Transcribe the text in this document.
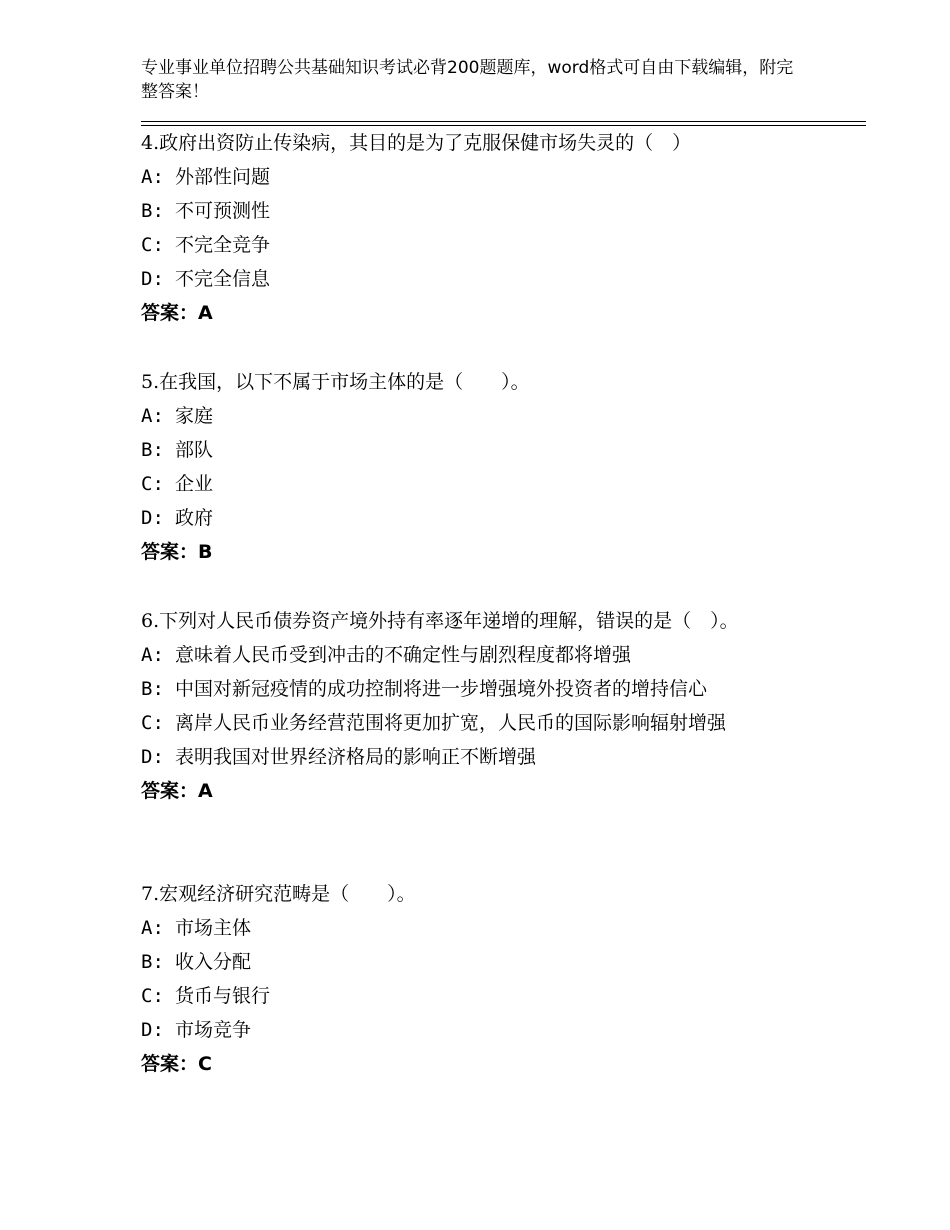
专业事业单位招聘公共基础知识考试必背200题题库，word格式可自由下载编辑，附完整答案！
4.政府出资防止传染病，其目的是为了克服保健市场失灵的（　）
A: 外部性问题
B: 不可预测性
C: 不完全竞争
D: 不完全信息
答案：A
5.在我国，以下不属于市场主体的是（　　）。
A: 家庭
B: 部队
C: 企业
D: 政府
答案：B
6.下列对人民币债券资产境外持有率逐年递增的理解，错误的是（　）。
A: 意味着人民币受到冲击的不确定性与剧烈程度都将增强
B: 中国对新冠疫情的成功控制将进一步增强境外投资者的增持信心
C: 离岸人民币业务经营范围将更加扩宽，人民币的国际影响辐射增强
D: 表明我国对世界经济格局的影响正不断增强
答案：A
7.宏观经济研究范畴是（　　）。
A: 市场主体
B: 收入分配
C: 货币与银行
D: 市场竞争
答案：C
